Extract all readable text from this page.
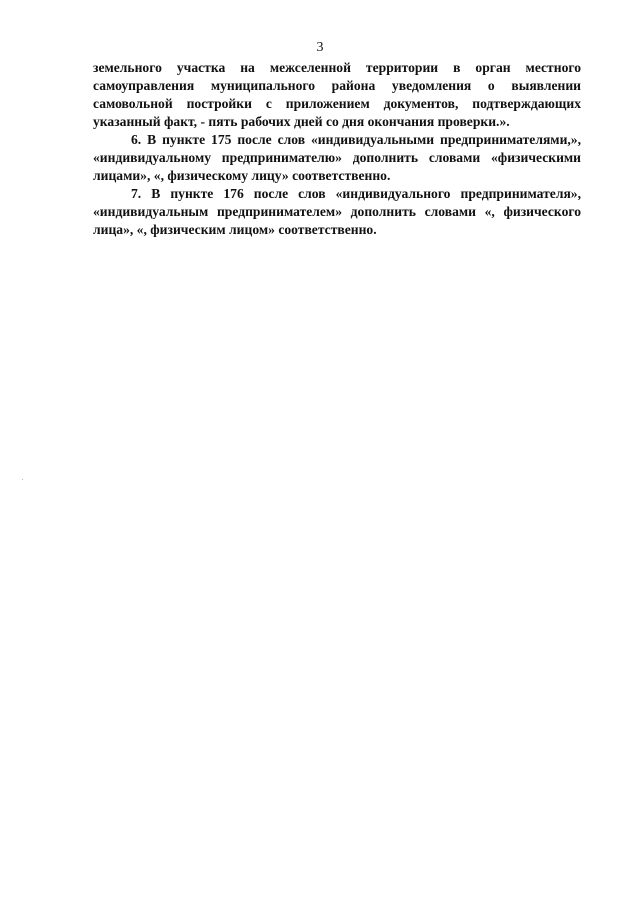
3

земельного участка на межселенной территории в орган местного самоуправления муниципального района уведомления о выявлении самовольной постройки с приложением документов, подтверждающих указанный факт, - пять рабочих дней со дня окончания проверки.».

6. В пункте 175 после слов «индивидуальными предпринимателями,», «индивидуальному предпринимателю» дополнить словами «физическими лицами», «, физическому лицу» соответственно.

7. В пункте 176 после слов «индивидуального предпринимателя», «индивидуальным предпринимателем» дополнить словами «, физического лица», «, физическим лицом» соответственно.
